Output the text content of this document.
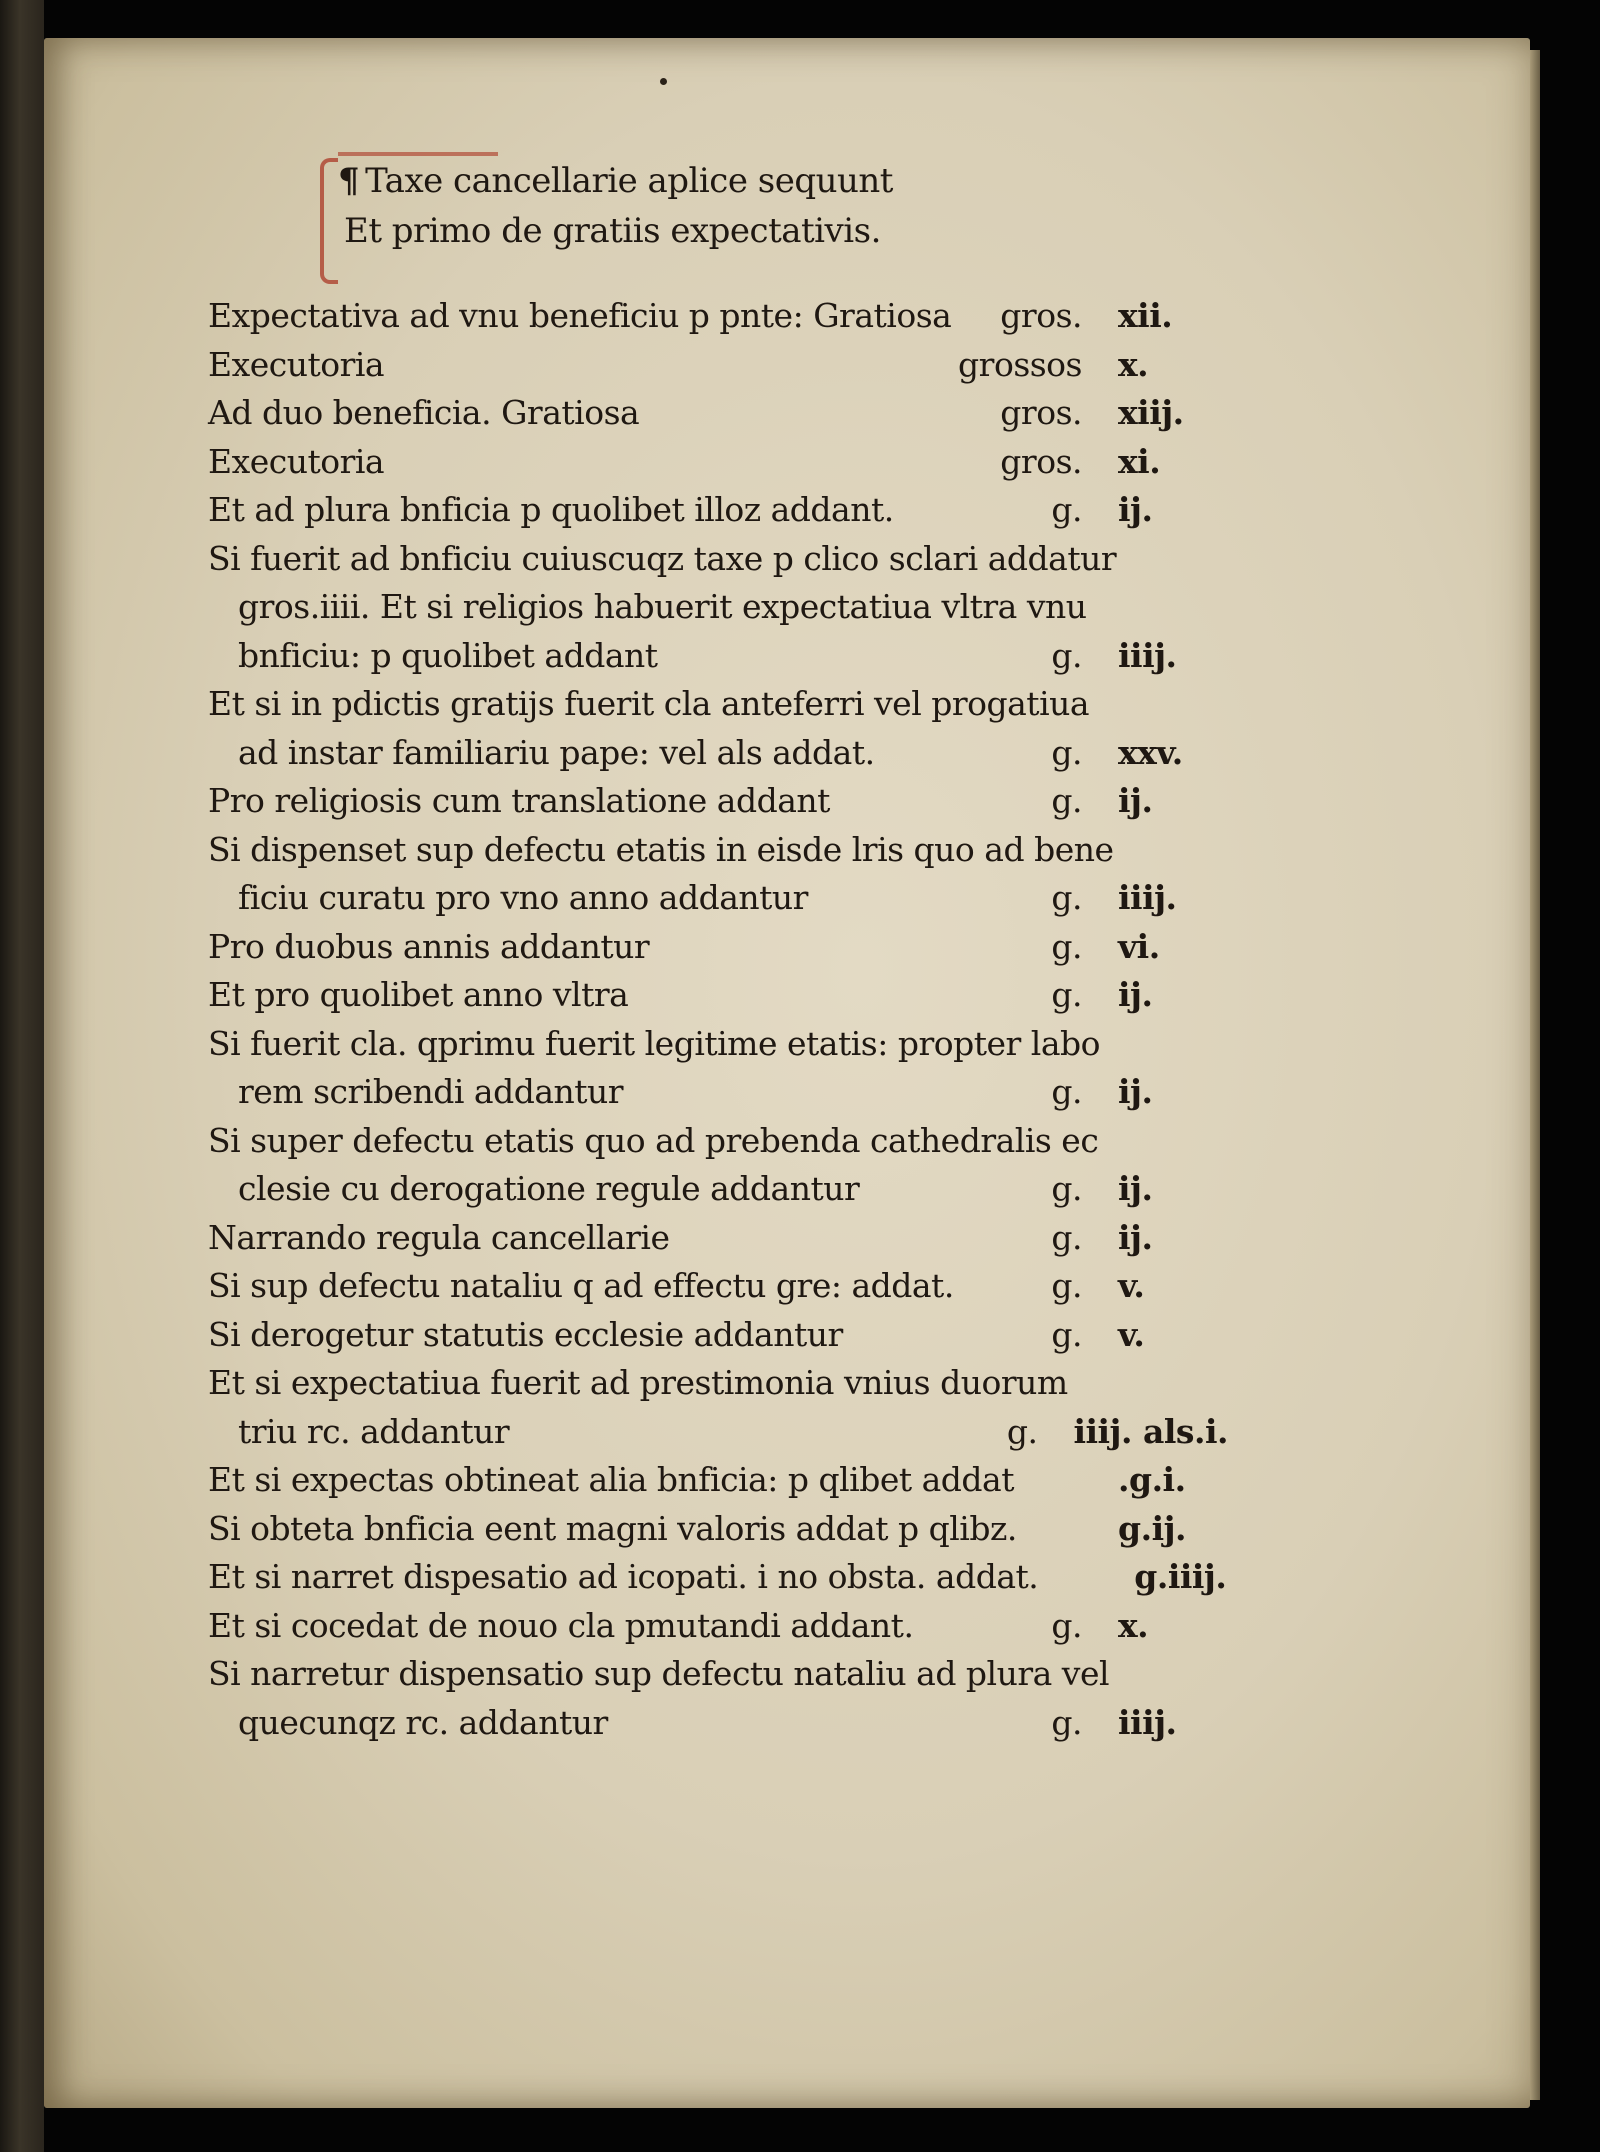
¶ Taxe cancellarie aplice sequunt
Et primo de gratiis expectativis.
Expectativa ad vnu beneficiu p pnte: Gratiosa gros.	xii.
Executoria	grossos	x.
Ad duo beneficia. Gratiosa	gros.	xiij.
Executoria	gros.	xi.
Et ad plura bnficia p quolibet illoz addant.	g.	ij.
Si fuerit ad bnficiu cuiuscuqz taxe p clico sclari addatur
gros.iiii. Et si religios habuerit expectatiua vltra vnu
bnficiu: p quolibet addant	g.	iiij.
Et si in pdictis gratijs fuerit cla anteferri vel progatiua
ad instar familiariu pape: vel als addat.	g.	xxv.
Pro religiosis cum translatione addant	g.	ij.
Si dispenset sup defectu etatis in eisde lris quo ad bene
ficiu curatu pro vno anno addantur	g.	iiij.
Pro duobus annis addantur	g.	vi.
Et pro quolibet anno vltra	g.	ij.
Si fuerit cla. qprimu fuerit legitime etatis: propter labo
rem scribendi addantur	g.	ij.
Si super defectu etatis quo ad prebenda cathedralis ec
clesie cu derogatione regule addantur	g.	ij.
Narrando regula cancellarie	g.	ij.
Si sup defectu nataliu q ad effectu gre: addat.	g.	v.
Si derogetur statutis ecclesie addantur	g.	v.
Et si expectatiua fuerit ad prestimonia vnius duorum
triu rc. addantur	g.	iiij. als.i.
Et si expectas obtineat alia bnficia: p qlibet addat	.g.i.
Si obteta bnficia eent magni valoris addat p qlibz.	g.ij.
Et si narret dispesatio ad icopati. i no obsta. addat.	g.iiij.
Et si cocedat de nouo cla pmutandi addant.	g.	x.
Si narretur dispensatio sup defectu nataliu ad plura vel
quecunqz rc. addantur	g.	iiij.
